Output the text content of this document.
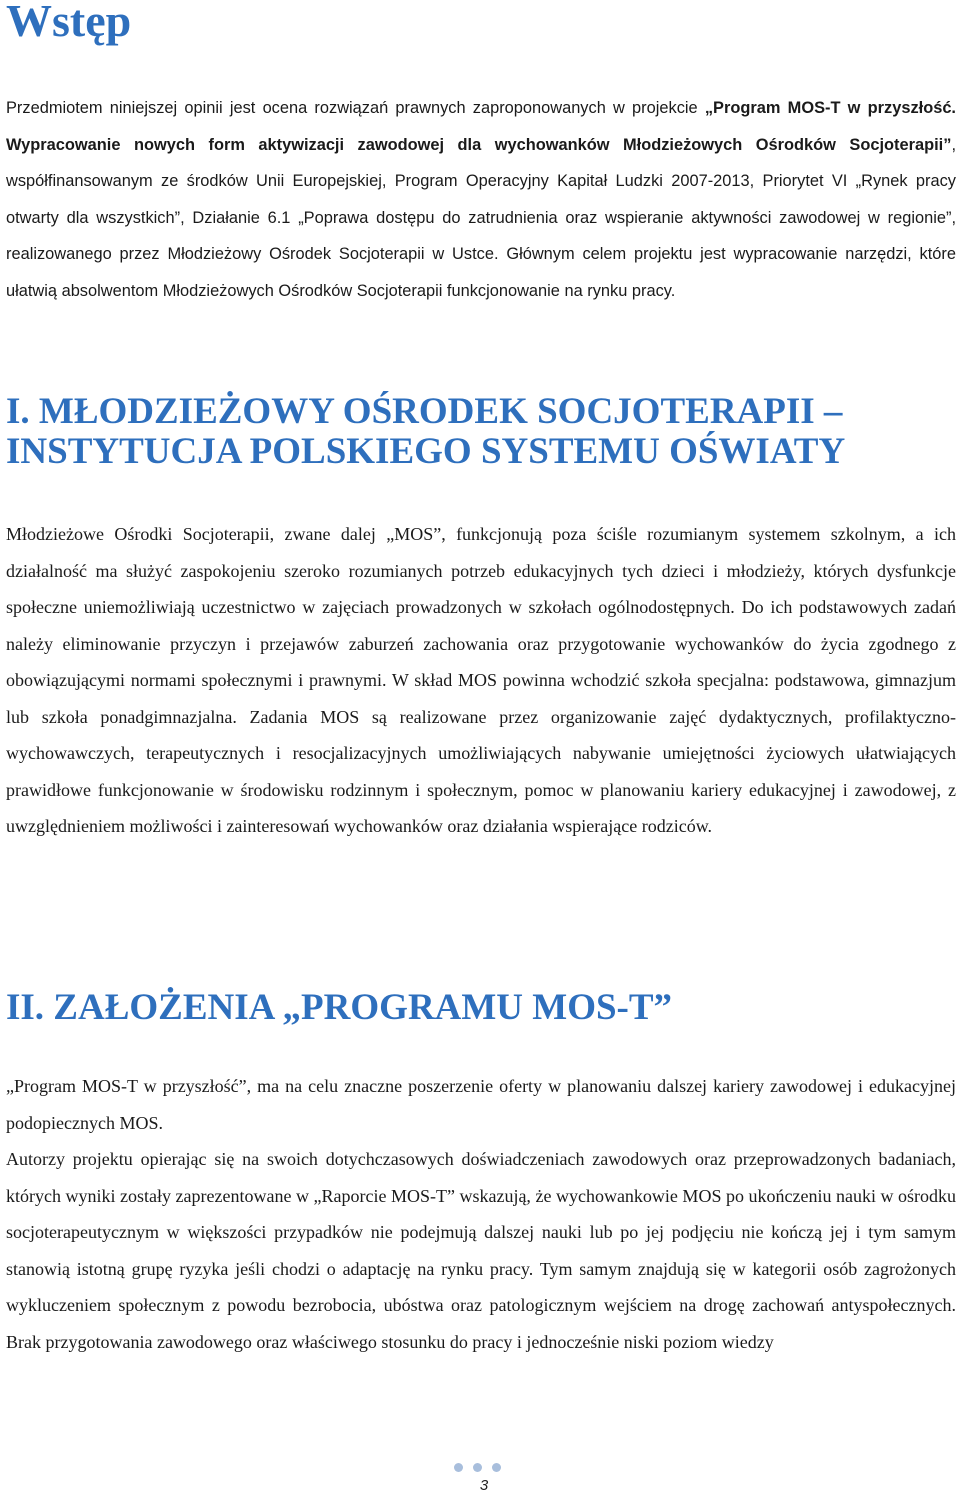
Wstęp

Przedmiotem niniejszej opinii jest ocena rozwiązań prawnych zaproponowanych w projekcie „Program MOS-T w przyszłość. Wypracowanie nowych form aktywizacji zawodowej dla wychowanków Młodzieżowych Ośrodków Socjoterapii”, współfinansowanym ze środków Unii Europejskiej, Program Operacyjny Kapitał Ludzki 2007-2013, Priorytet VI „Rynek pracy otwarty dla wszystkich”, Działanie 6.1 „Poprawa dostępu do zatrudnienia oraz wspieranie aktywności zawodowej w regionie”, realizowanego przez Młodzieżowy Ośrodek Socjoterapii w Ustce. Głównym celem projektu jest wypracowanie narzędzi, które ułatwią absolwentom Młodzieżowych Ośrodków Socjoterapii funkcjonowanie na rynku pracy.

I. MŁODZIEŻOWY OŚRODEK SOCJOTERAPII – INSTYTUCJA POLSKIEGO SYSTEMU OŚWIATY

Młodzieżowe Ośrodki Socjoterapii, zwane dalej „MOS”, funkcjonują poza ściśle rozumianym systemem szkolnym, a ich działalność ma służyć zaspokojeniu szeroko rozumianych potrzeb edukacyjnych tych dzieci i młodzieży, których dysfunkcje społeczne uniemożliwiają uczestnictwo w zajęciach prowadzonych w szkołach ogólnodostępnych. Do ich podstawowych zadań należy eliminowanie przyczyn i przejawów zaburzeń zachowania oraz przygotowanie wychowanków do życia zgodnego z obowiązującymi normami społecznymi i prawnymi. W skład MOS powinna wchodzić szkoła specjalna: podstawowa, gimnazjum lub szkoła ponadgimnazjalna. Zadania MOS są realizowane przez organizowanie zajęć dydaktycznych, profilaktyczno-wychowawczych, terapeutycznych i resocjalizacyjnych umożliwiających nabywanie umiejętności życiowych ułatwiających prawidłowe funkcjonowanie w środowisku rodzinnym i społecznym, pomoc w planowaniu kariery edukacyjnej i zawodowej, z uwzględnieniem możliwości i zainteresowań wychowanków oraz działania wspierające rodziców.

II. ZAŁOŻENIA „PROGRAMU MOS-T”

„Program MOS-T w przyszłość”, ma na celu znaczne poszerzenie oferty w planowaniu dalszej kariery zawodowej i edukacyjnej podopiecznych MOS.

Autorzy projektu opierając się na swoich dotychczasowych doświadczeniach zawodowych oraz przeprowadzonych badaniach, których wyniki zostały zaprezentowane w „Raporcie MOS-T” wskazują, że wychowankowie MOS po ukończeniu nauki w ośrodku socjoterapeutycznym w większości przypadków nie podejmują dalszej nauki lub po jej podjęciu nie kończą jej i tym samym stanowią istotną grupę ryzyka jeśli chodzi o adaptację na rynku pracy. Tym samym znajdują się w kategorii osób zagrożonych wykluczeniem społecznym z powodu bezrobocia, ubóstwa oraz patologicznym wejściem na drogę zachowań antyspołecznych. Brak przygotowania zawodowego oraz właściwego stosunku do pracy i jednocześnie niski poziom wiedzy

3
